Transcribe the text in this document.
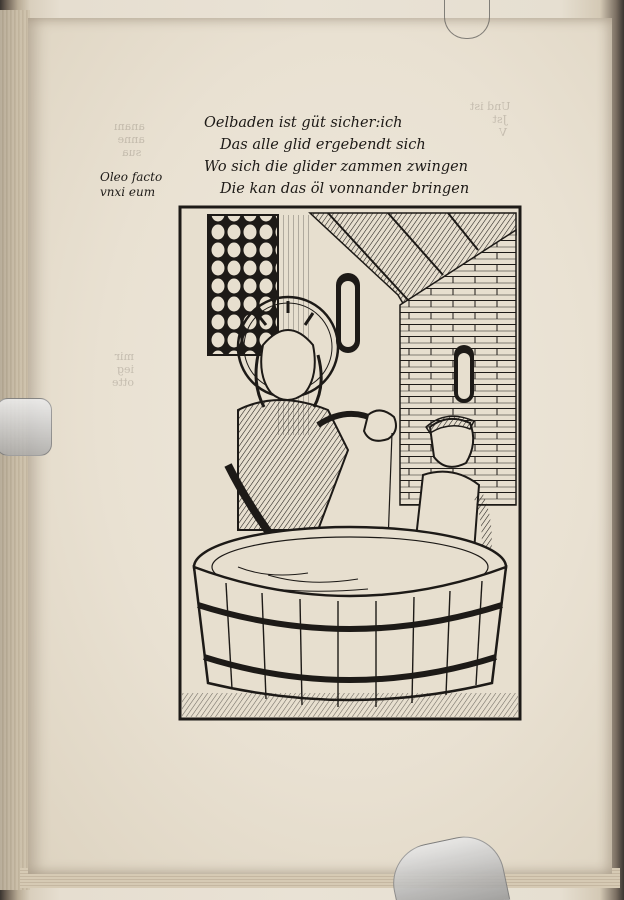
Und ist
Jst
V
ananı
anne
sua
mir
ieg
otte
Oelbaden ist güt sicher:ich
Das alle glid ergebendt sich
Wo sich die glider zammen zwingen
Die kan das öl vonnander bringen
Oleo facto
vnxi eum
